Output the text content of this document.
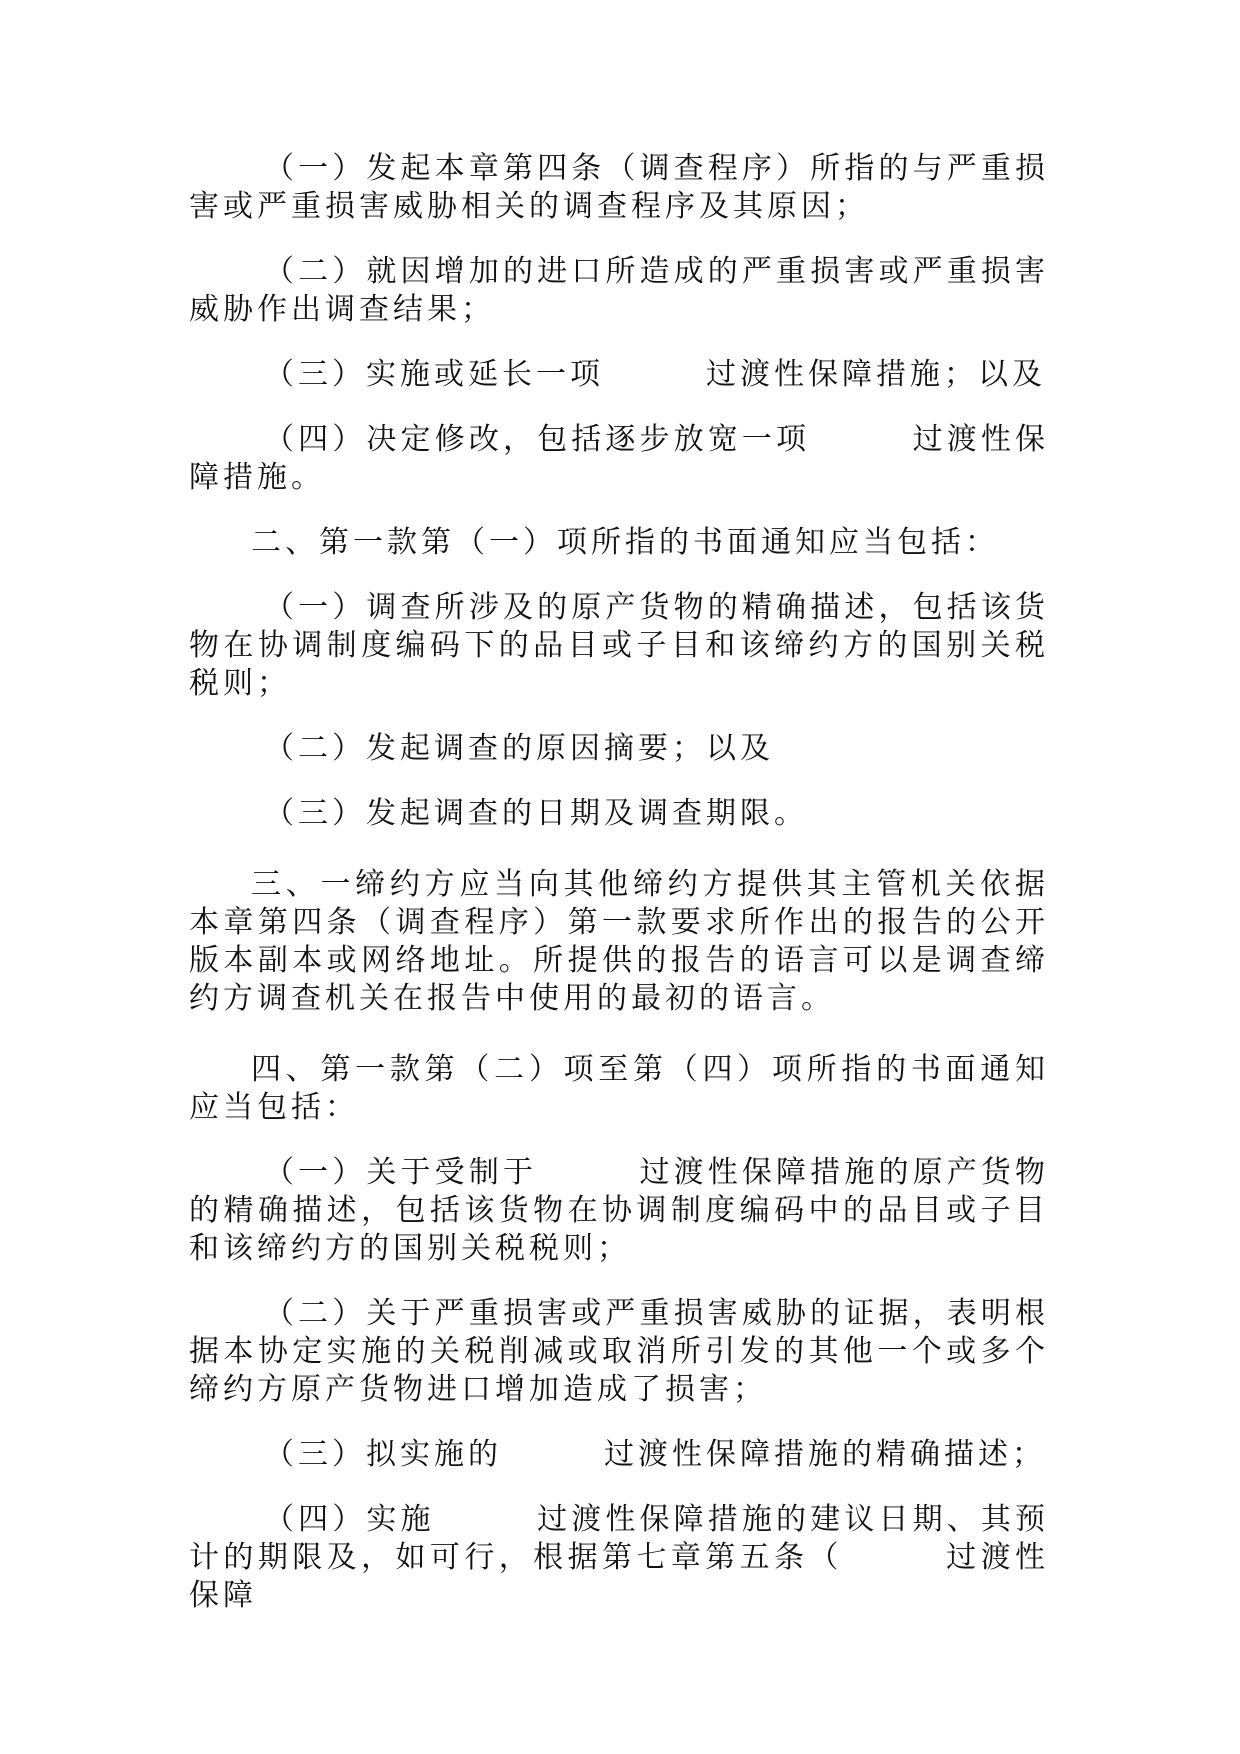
（一）发起本章第四条（调查程序）所指的与严重损害或严重损害威胁相关的调查程序及其原因；

（二）就因增加的进口所造成的严重损害或严重损害威胁作出调查结果；

（三）实施或延长一项　　　过渡性保障措施；以及

（四）决定修改，包括逐步放宽一项　　　过渡性保障措施。

二、第一款第（一）项所指的书面通知应当包括：

（一）调查所涉及的原产货物的精确描述，包括该货物在协调制度编码下的品目或子目和该缔约方的国别关税税则；

（二）发起调查的原因摘要；以及

（三）发起调查的日期及调查期限。

三、一缔约方应当向其他缔约方提供其主管机关依据本章第四条（调查程序）第一款要求所作出的报告的公开版本副本或网络地址。所提供的报告的语言可以是调查缔约方调查机关在报告中使用的最初的语言。

四、第一款第（二）项至第（四）项所指的书面通知应当包括：

（一）关于受制于　　　过渡性保障措施的原产货物的精确描述，包括该货物在协调制度编码中的品目或子目和该缔约方的国别关税税则；

（二）关于严重损害或严重损害威胁的证据，表明根据本协定实施的关税削减或取消所引发的其他一个或多个缔约方原产货物进口增加造成了损害；

（三）拟实施的　　　过渡性保障措施的精确描述；

（四）实施　　　过渡性保障措施的建议日期、其预计的期限及，如可行，根据第七章第五条（　　　过渡性保障
